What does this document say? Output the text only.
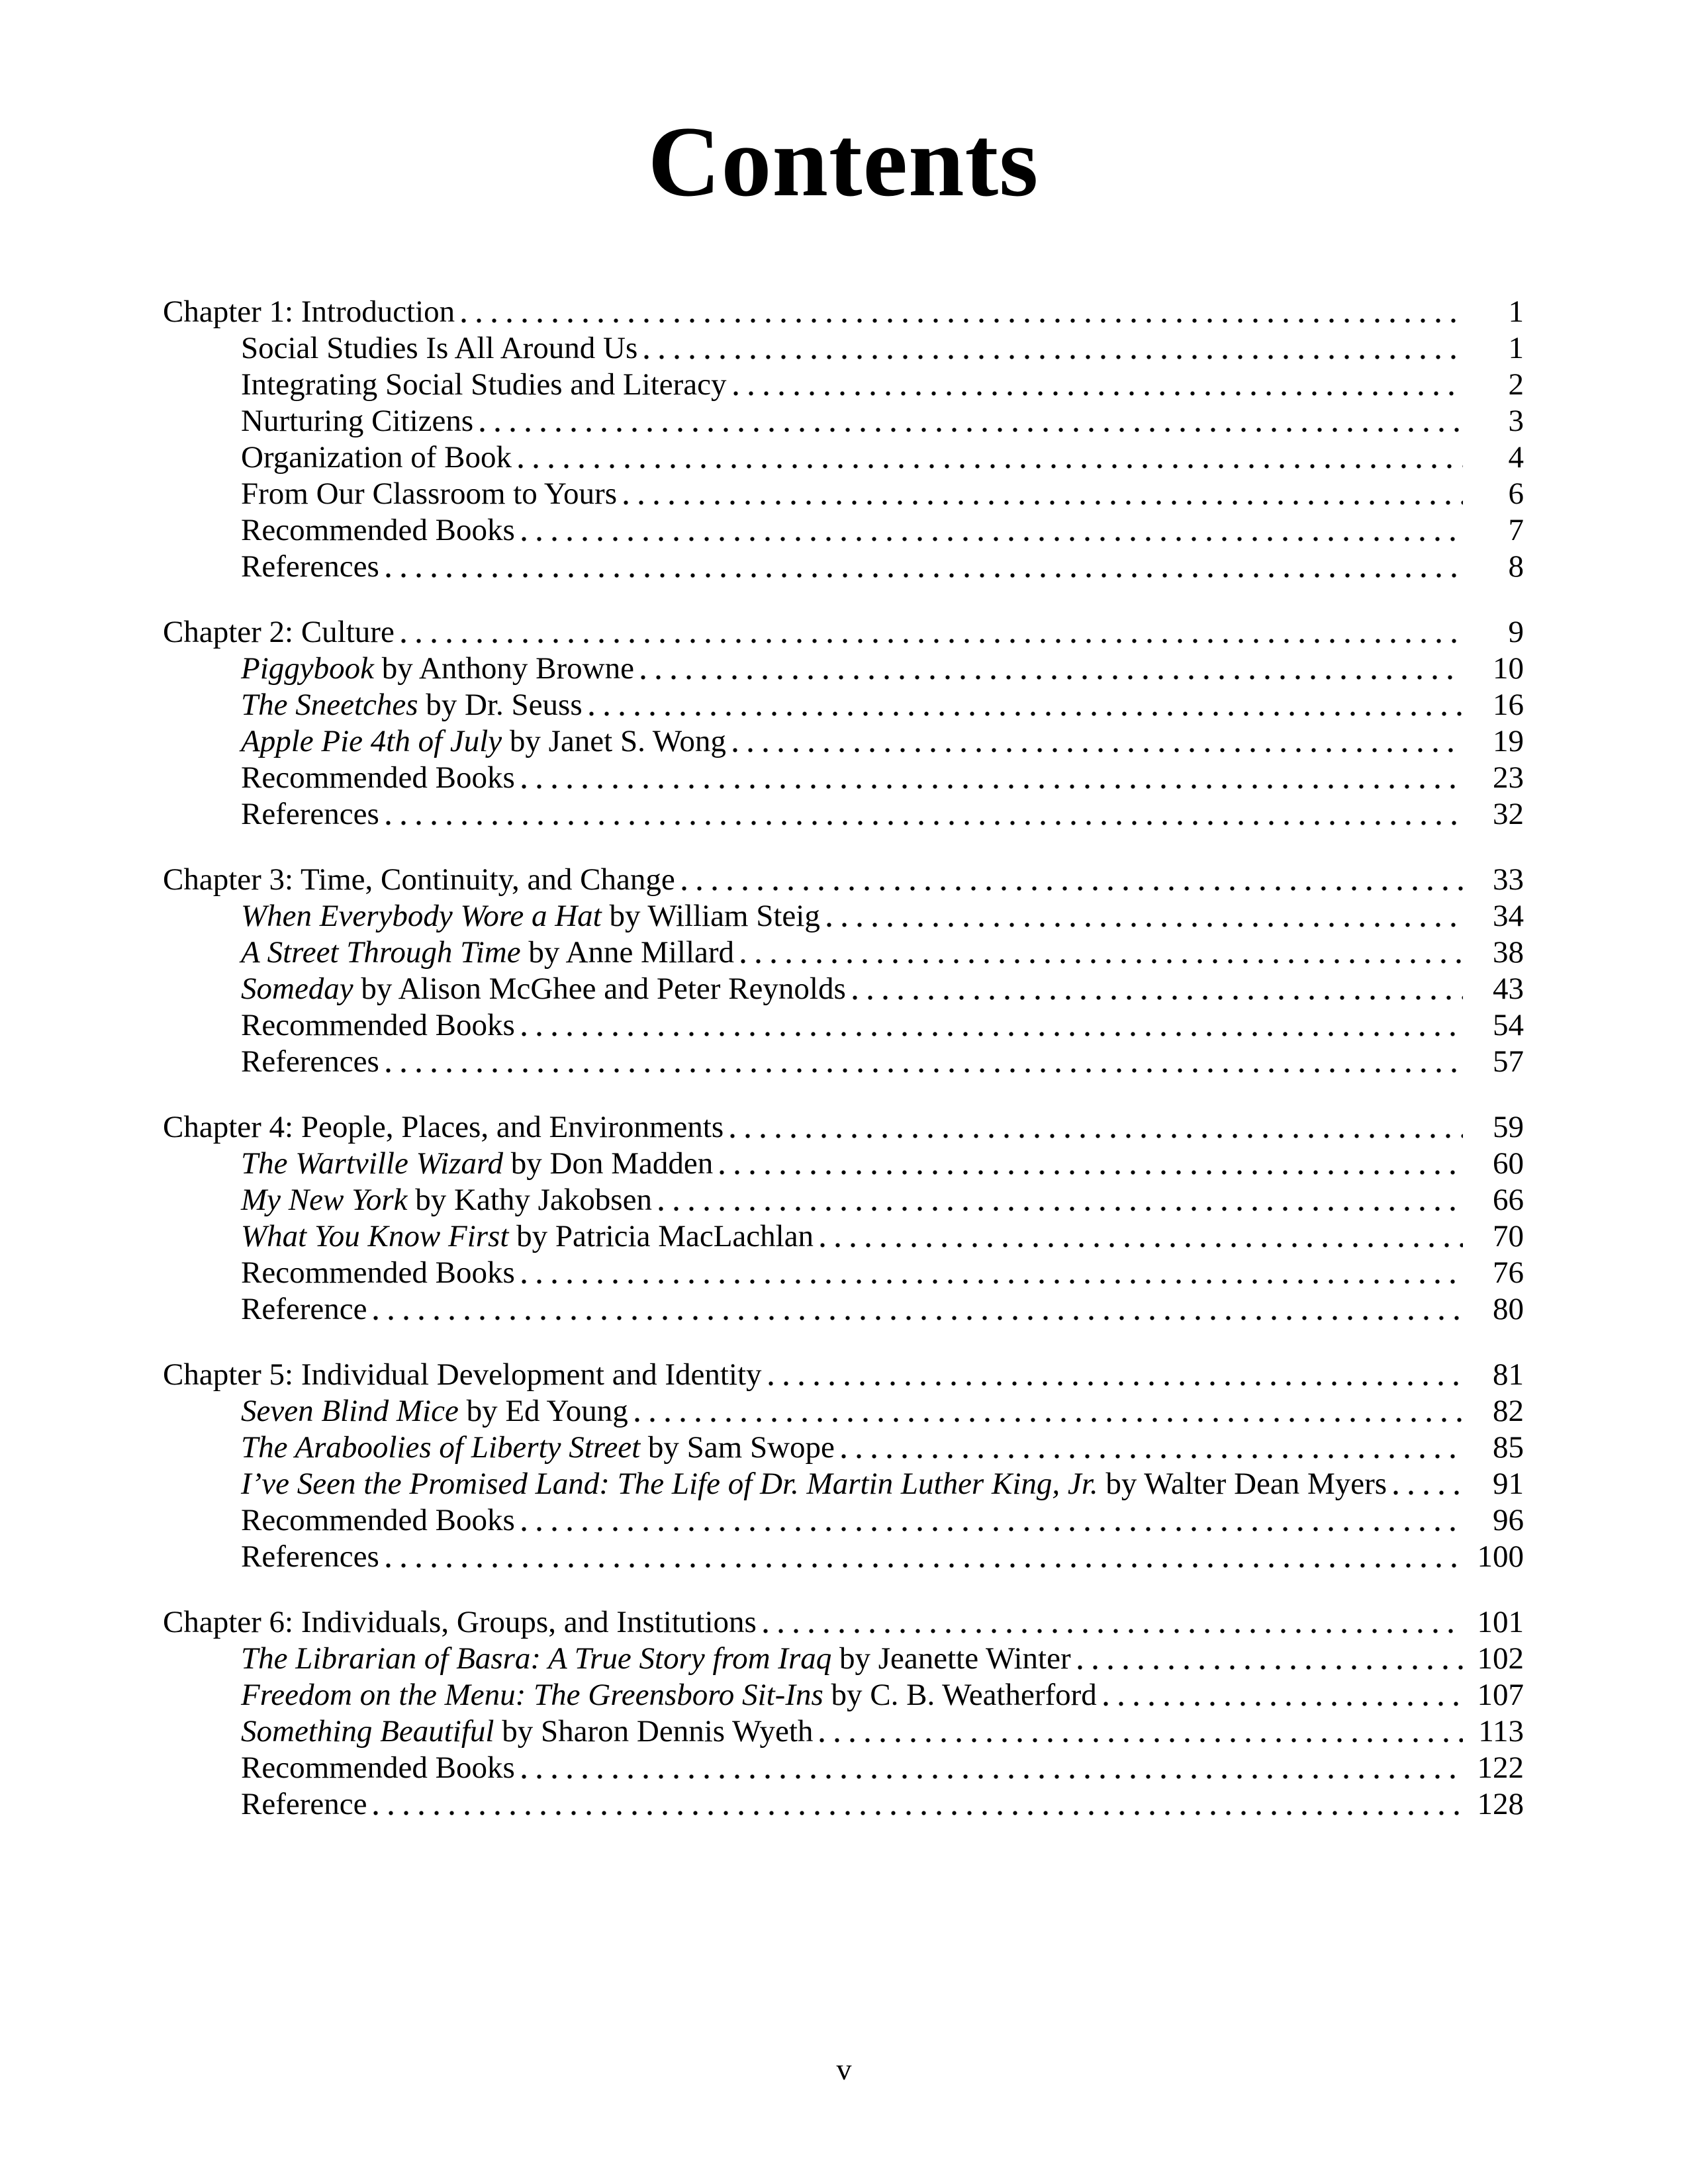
Contents
Chapter 1: Introduction	1
Social Studies Is All Around Us	1
Integrating Social Studies and Literacy	2
Nurturing Citizens	3
Organization of Book	4
From Our Classroom to Yours	6
Recommended Books	7
References	8
Chapter 2: Culture	9
Piggybook by Anthony Browne	10
The Sneetches by Dr. Seuss	16
Apple Pie 4th of July by Janet S. Wong	19
Recommended Books	23
References	32
Chapter 3: Time, Continuity, and Change	33
When Everybody Wore a Hat by William Steig	34
A Street Through Time by Anne Millard	38
Someday by Alison McGhee and Peter Reynolds	43
Recommended Books	54
References	57
Chapter 4: People, Places, and Environments	59
The Wartville Wizard by Don Madden	60
My New York by Kathy Jakobsen	66
What You Know First by Patricia MacLachlan	70
Recommended Books	76
Reference	80
Chapter 5: Individual Development and Identity	81
Seven Blind Mice by Ed Young	82
The Araboolies of Liberty Street by Sam Swope	85
I’ve Seen the Promised Land: The Life of Dr. Martin Luther King, Jr. by Walter Dean Myers	91
Recommended Books	96
References	100
Chapter 6: Individuals, Groups, and Institutions	101
The Librarian of Basra: A True Story from Iraq by Jeanette Winter	102
Freedom on the Menu: The Greensboro Sit-Ins by C. B. Weatherford	107
Something Beautiful by Sharon Dennis Wyeth	113
Recommended Books	122
Reference	128
v
